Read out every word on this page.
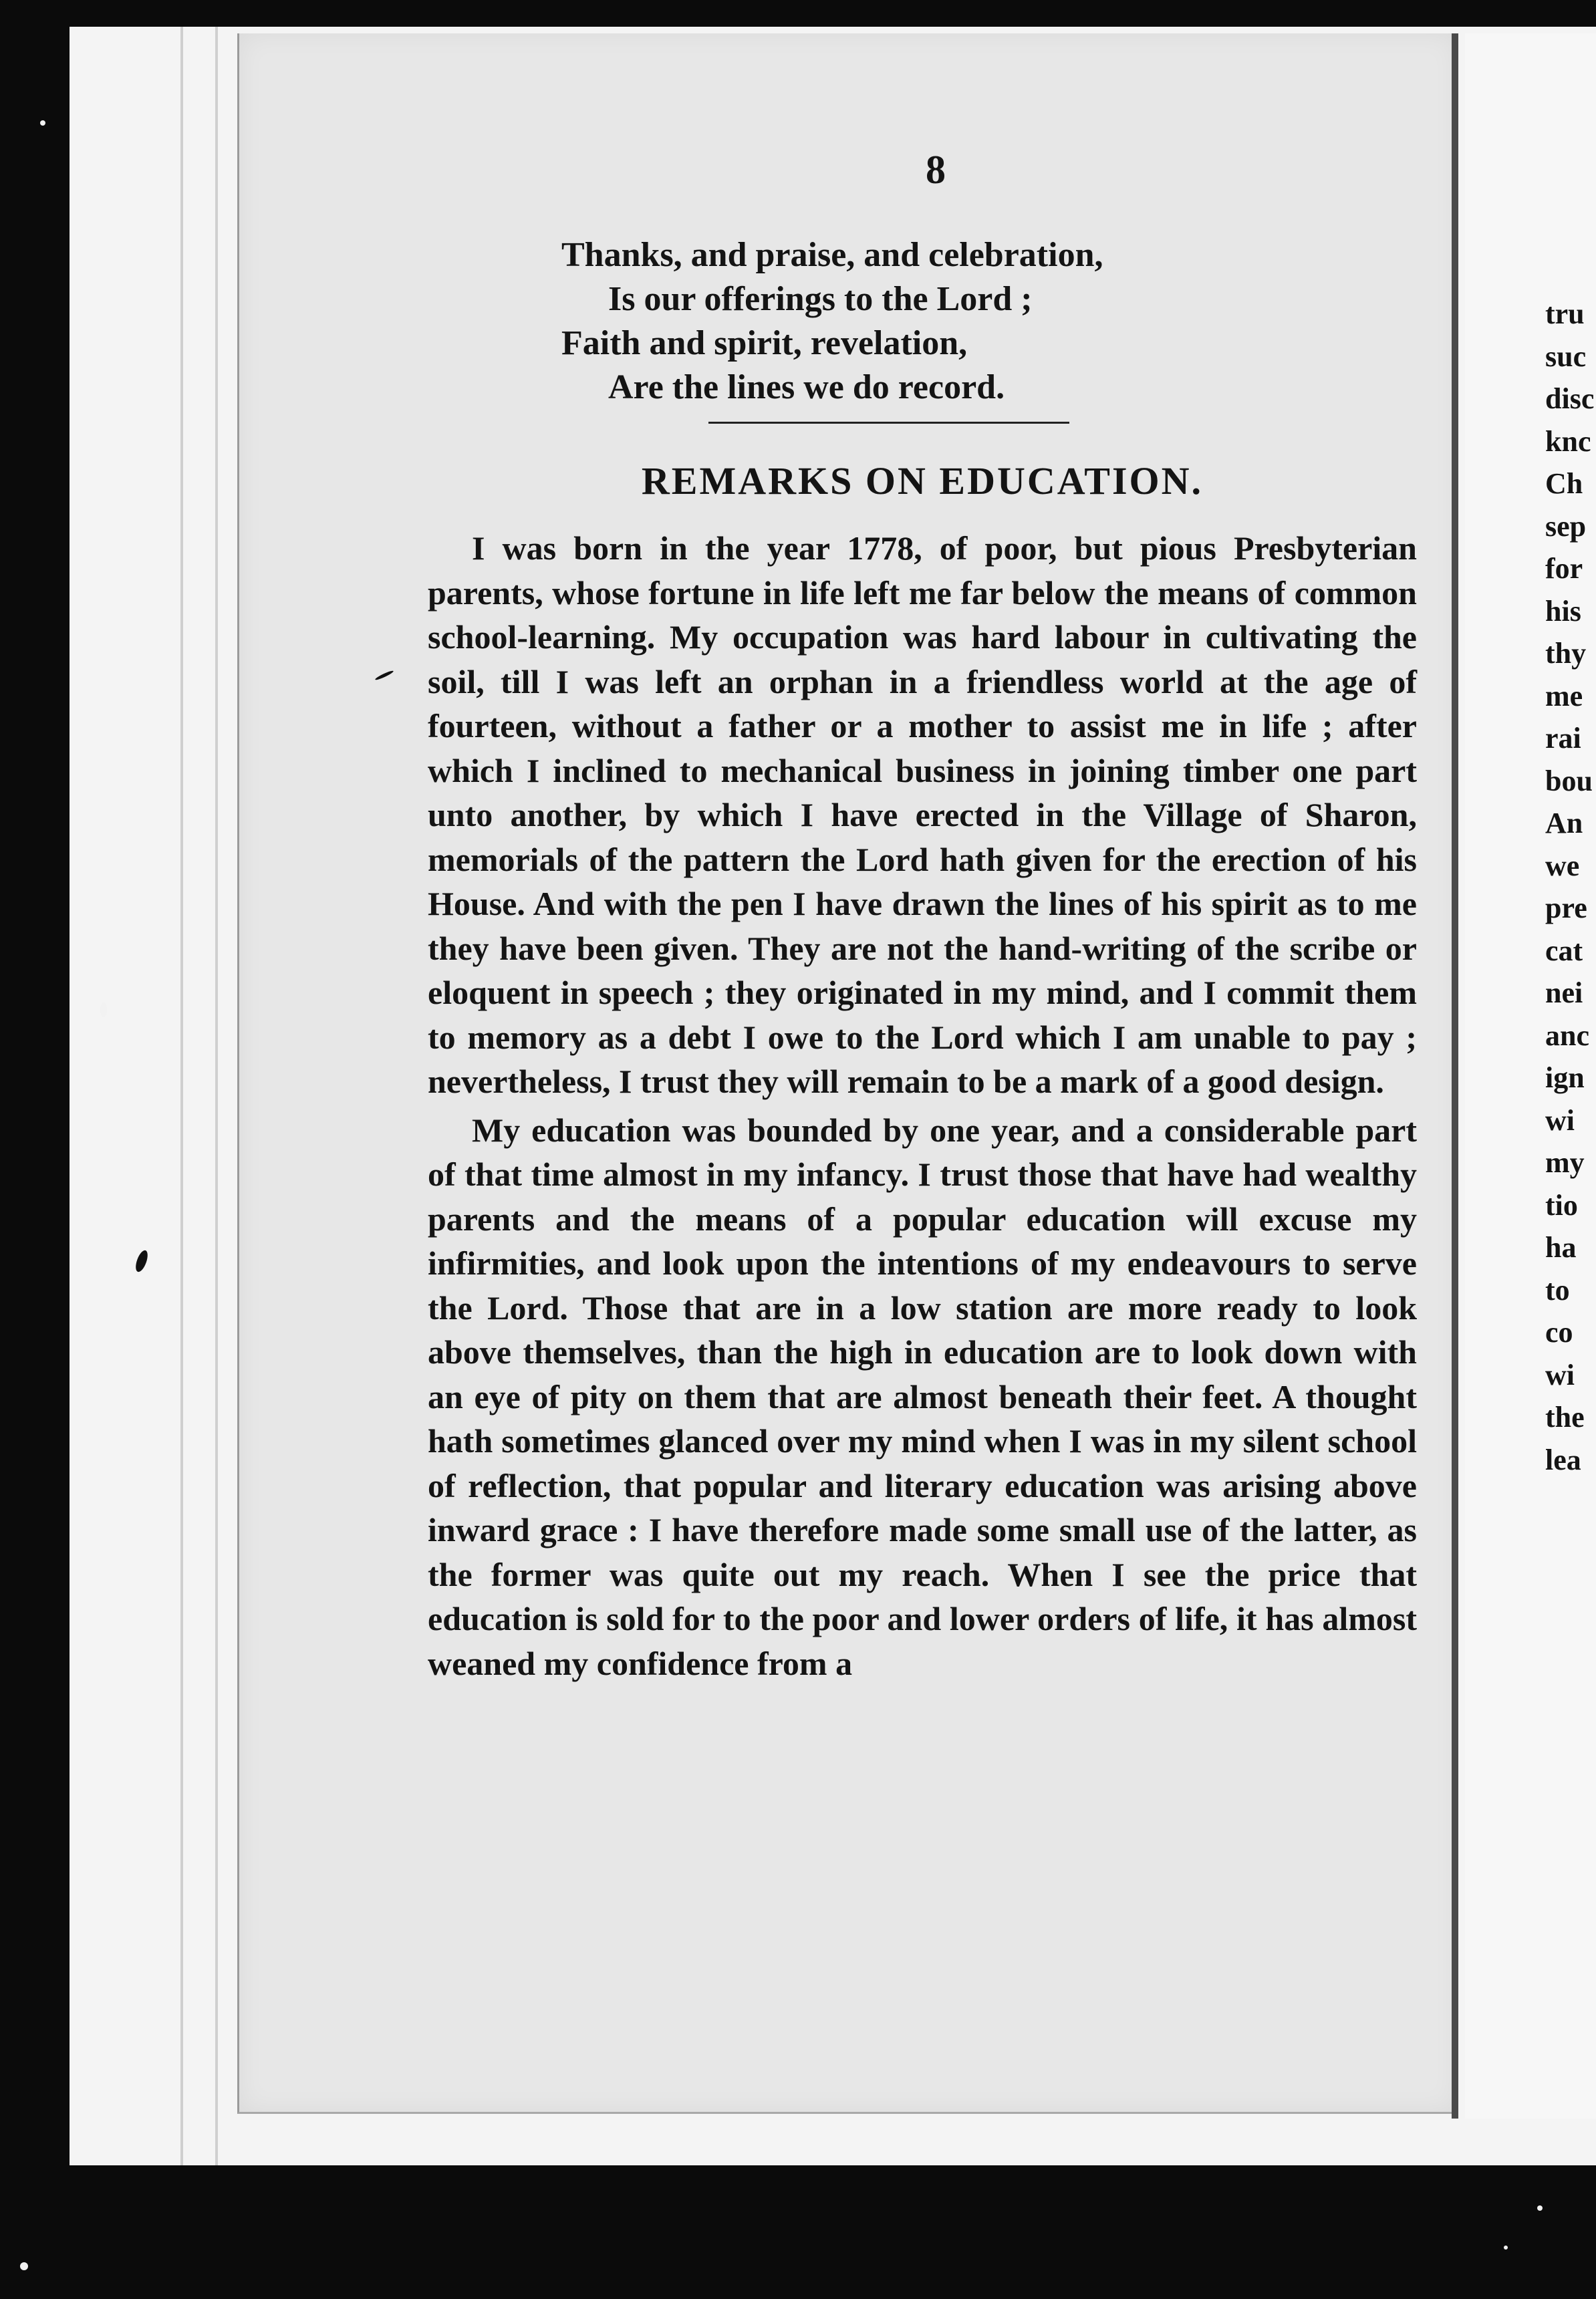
tru
suc
disc
knc
Ch
sep
for
his
thy
me
rai
bou
An
we
pre
cat
nei
anc
ign
wi
my
tio
ha
to
co
wi
the
lea
8
Thanks, and praise, and celebration,
Is our offerings to the Lord ;
Faith and spirit, revelation,
Are the lines we do record.
REMARKS ON EDUCATION.

I was born in the year 1778, of poor, but pious Presbyterian parents, whose fortune in life left me far below the means of common school-learning. My occupation was hard labour in cultivating the soil, till I was left an orphan in a friendless world at the age of fourteen, without a father or a mother to assist me in life ; after which I inclined to mechanical business in joining timber one part unto another, by which I have erected in the Village of Sharon, memorials of the pattern the Lord hath given for the erection of his House. And with the pen I have drawn the lines of his spirit as to me they have been given. They are not the hand-writing of the scribe or eloquent in speech ; they originated in my mind, and I commit them to memory as a debt I owe to the Lord which I am unable to pay ; nevertheless, I trust they will remain to be a mark of a good design.

My education was bounded by one year, and a considerable part of that time almost in my infancy. I trust those that have had wealthy parents and the means of a popular education will excuse my infirmities, and look upon the intentions of my endeavours to serve the Lord. Those that are in a low station are more ready to look above themselves, than the high in education are to look down with an eye of pity on them that are almost beneath their feet. A thought hath sometimes glanced over my mind when I was in my silent school of reflection, that popular and literary education was arising above inward grace : I have therefore made some small use of the latter, as the former was quite out my reach. When I see the price that education is sold for to the poor and lower orders of life, it has almost weaned my confidence from a
